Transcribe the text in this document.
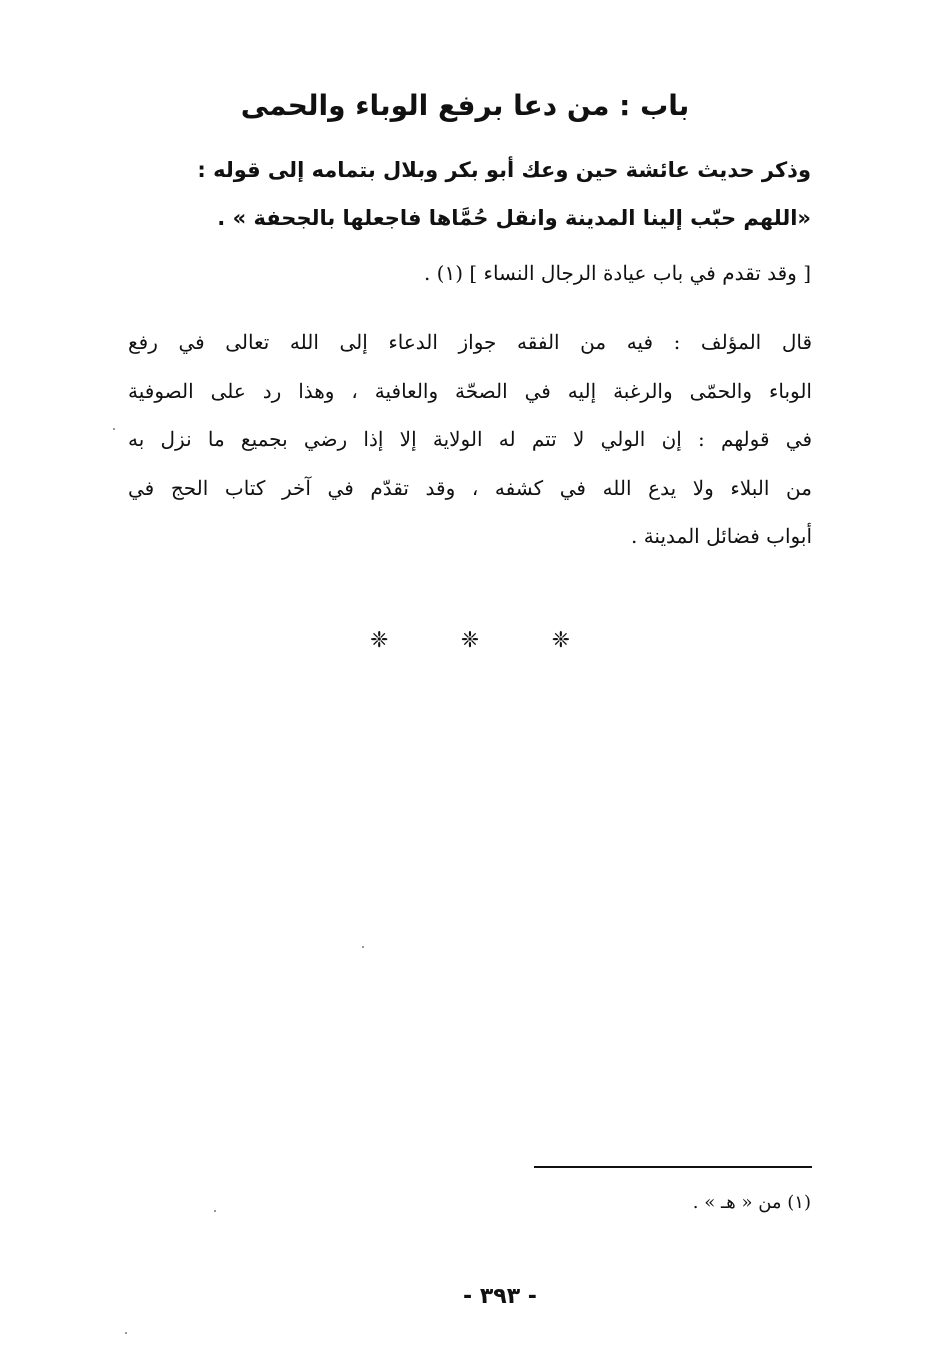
باب : من دعا برفع الوباء والحمى
وذكر حديث عائشة حين وعك أبو بكر وبلال بتمامه إلى قوله :
«اللهم حبّب إلينا المدينة وانقل حُمَّاها فاجعلها بالجحفة » .
[ وقد تقدم في باب عيادة الرجال النساء ] (١) .
قال المؤلف : فيه من الفقه جواز الدعاء إلى الله تعالى في رفع
الوباء والحمّى والرغبة إليه في الصحّة والعافية ، وهذا رد على الصوفية
في قولهم : إن الولي لا تتم له الولاية إلا إذا رضي بجميع ما نزل به
من البلاء ولا يدع الله في كشفه ، وقد تقدّم في آخر كتاب الحج في
أبواب فضائل المدينة .
❈	❈	❈
(١) من « هـ » .
- ٣٩٣ -
